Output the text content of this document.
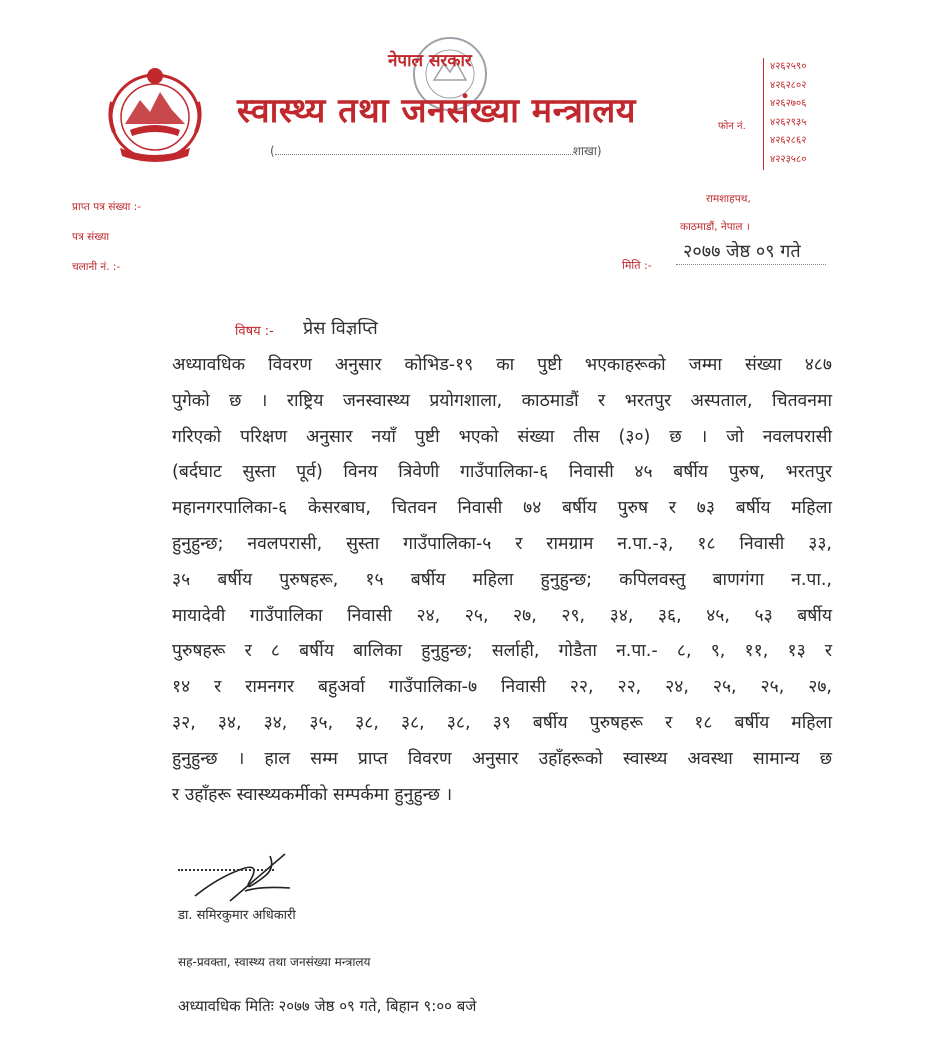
नेपाल सरकार
स्वास्थ्य तथा जनसंख्या मन्त्रालय
(	शाखा)
फोन नं.
४२६२५९०
४२६२८०२
४२६२७०६
४२६२९३५
४२६२८६२
४२२३५८०
प्राप्त पत्र संख्या :-
पत्र संख्या
चलानी नं. :-
रामशाहपथ,
काठमाडौं, नेपाल ।
मिति :-
२०७७ जेष्ठ ०९ गते
विषय :- प्रेस विज्ञप्ति
अध्यावधिक विवरण अनुसार कोभिड-१९ का पुष्टी भएकाहरूको जम्मा संख्या ४८७
पुगेको छ । राष्ट्रिय जनस्वास्थ्य प्रयोगशाला, काठमाडौं र भरतपुर अस्पताल, चितवनमा
गरिएको परिक्षण अनुसार नयाँ पुष्टी भएको संख्या तीस (३०) छ । जो नवलपरासी
(बर्दघाट सुस्ता पूर्व) विनय त्रिवेणी गाउँपालिका-६ निवासी ४५ बर्षीय पुरुष, भरतपुर
महानगरपालिका-६ केसरबाघ, चितवन निवासी ७४ बर्षीय पुरुष र ७३ बर्षीय महिला
हुनुहुन्छ; नवलपरासी, सुस्ता गाउँपालिका-५ र रामग्राम न.पा.-३, १८ निवासी ३३,
३५ बर्षीय पुरुषहरू, १५ बर्षीय महिला हुनुहुन्छ; कपिलवस्तु बाणगंगा न.पा.,
मायादेवी गाउँपालिका निवासी २४, २५, २७, २९, ३४, ३६, ४५, ५३ बर्षीय
पुरुषहरू र ८ बर्षीय बालिका हुनुहुन्छ; सर्लाही, गोडैता न.पा.- ८, ९, ११, १३ र
१४ र रामनगर बहुअर्वा गाउँपालिका-७ निवासी २२, २२, २४, २५, २५, २७,
३२, ३४, ३४, ३५, ३८, ३८, ३८, ३९ बर्षीय पुरुषहरू र १८ बर्षीय महिला
हुनुहुन्छ । हाल सम्म प्राप्त विवरण अनुसार उहाँहरूको स्वास्थ्य अवस्था सामान्य छ
र उहाँहरू स्वास्थ्यकर्मीको सम्पर्कमा हुनुहुन्छ ।
डा. समिरकुमार अधिकारी
सह-प्रवक्ता, स्वास्थ्य तथा जनसंख्या मन्त्रालय
अध्यावधिक मितिः २०७७ जेष्ठ ०९ गते, बिहान ९:०० बजे
